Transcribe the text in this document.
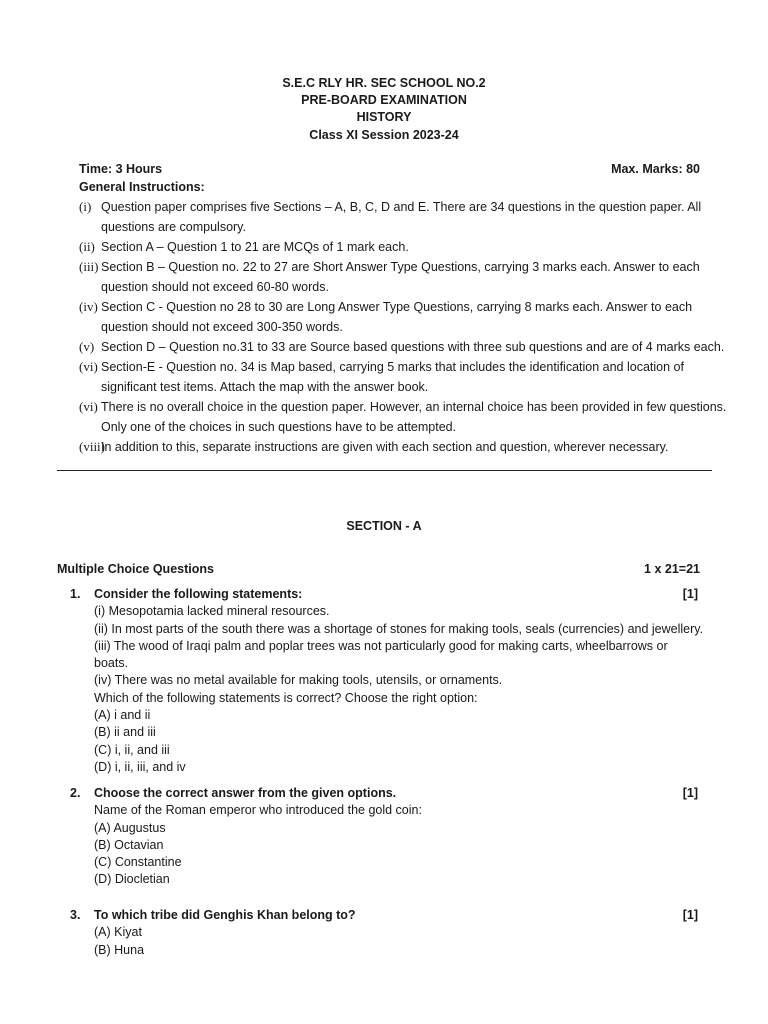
S.E.C RLY HR. SEC SCHOOL NO.2
PRE-BOARD EXAMINATION
HISTORY
Class XI Session 2023-24
Time: 3 Hours	Max. Marks: 80
General Instructions:
(i) Question paper comprises five Sections – A, B, C, D and E. There are 34 questions in the question paper. All
questions are compulsory.
(ii) Section A – Question 1 to 21 are MCQs of 1 mark each.
(iii) Section B – Question no. 22 to 27 are Short Answer Type Questions, carrying 3 marks each. Answer to each
question should not exceed 60-80 words.
(iv) Section C - Question no 28 to 30 are Long Answer Type Questions, carrying 8 marks each. Answer to each
question should not exceed 300-350 words.
(v) Section D – Question no.31 to 33 are Source based questions with three sub questions and are of 4 marks each.
(vi) Section-E - Question no. 34 is Map based, carrying 5 marks that includes the identification and location of
significant test items. Attach the map with the answer book.
(vi) There is no overall choice in the question paper. However, an internal choice has been provided in few questions.
Only one of the choices in such questions have to be attempted.
(viii)
In addition to this, separate instructions are given with each section and question, wherever necessary.
SECTION - A
Multiple Choice Questions	1 x 21=21
1.	Consider the following statements:	[1]
(i) Mesopotamia lacked mineral resources.
(ii) In most parts of the south there was a shortage of stones for making tools, seals (currencies) and jewellery.
(iii) The wood of Iraqi palm and poplar trees was not particularly good for making carts, wheelbarrows or
boats.
(iv) There was no metal available for making tools, utensils, or ornaments.
Which of the following statements is correct? Choose the right option:
(A) i and ii
(B) ii and iii
(C) i, ii, and iii
(D) i, ii, iii, and iv
2.	Choose the correct answer from the given options.	[1]
Name of the Roman emperor who introduced the gold coin:
(A) Augustus
(B) Octavian
(C) Constantine
(D) Diocletian
3.	To which tribe did Genghis Khan belong to?	[1]
(A) Kiyat
(B) Huna
